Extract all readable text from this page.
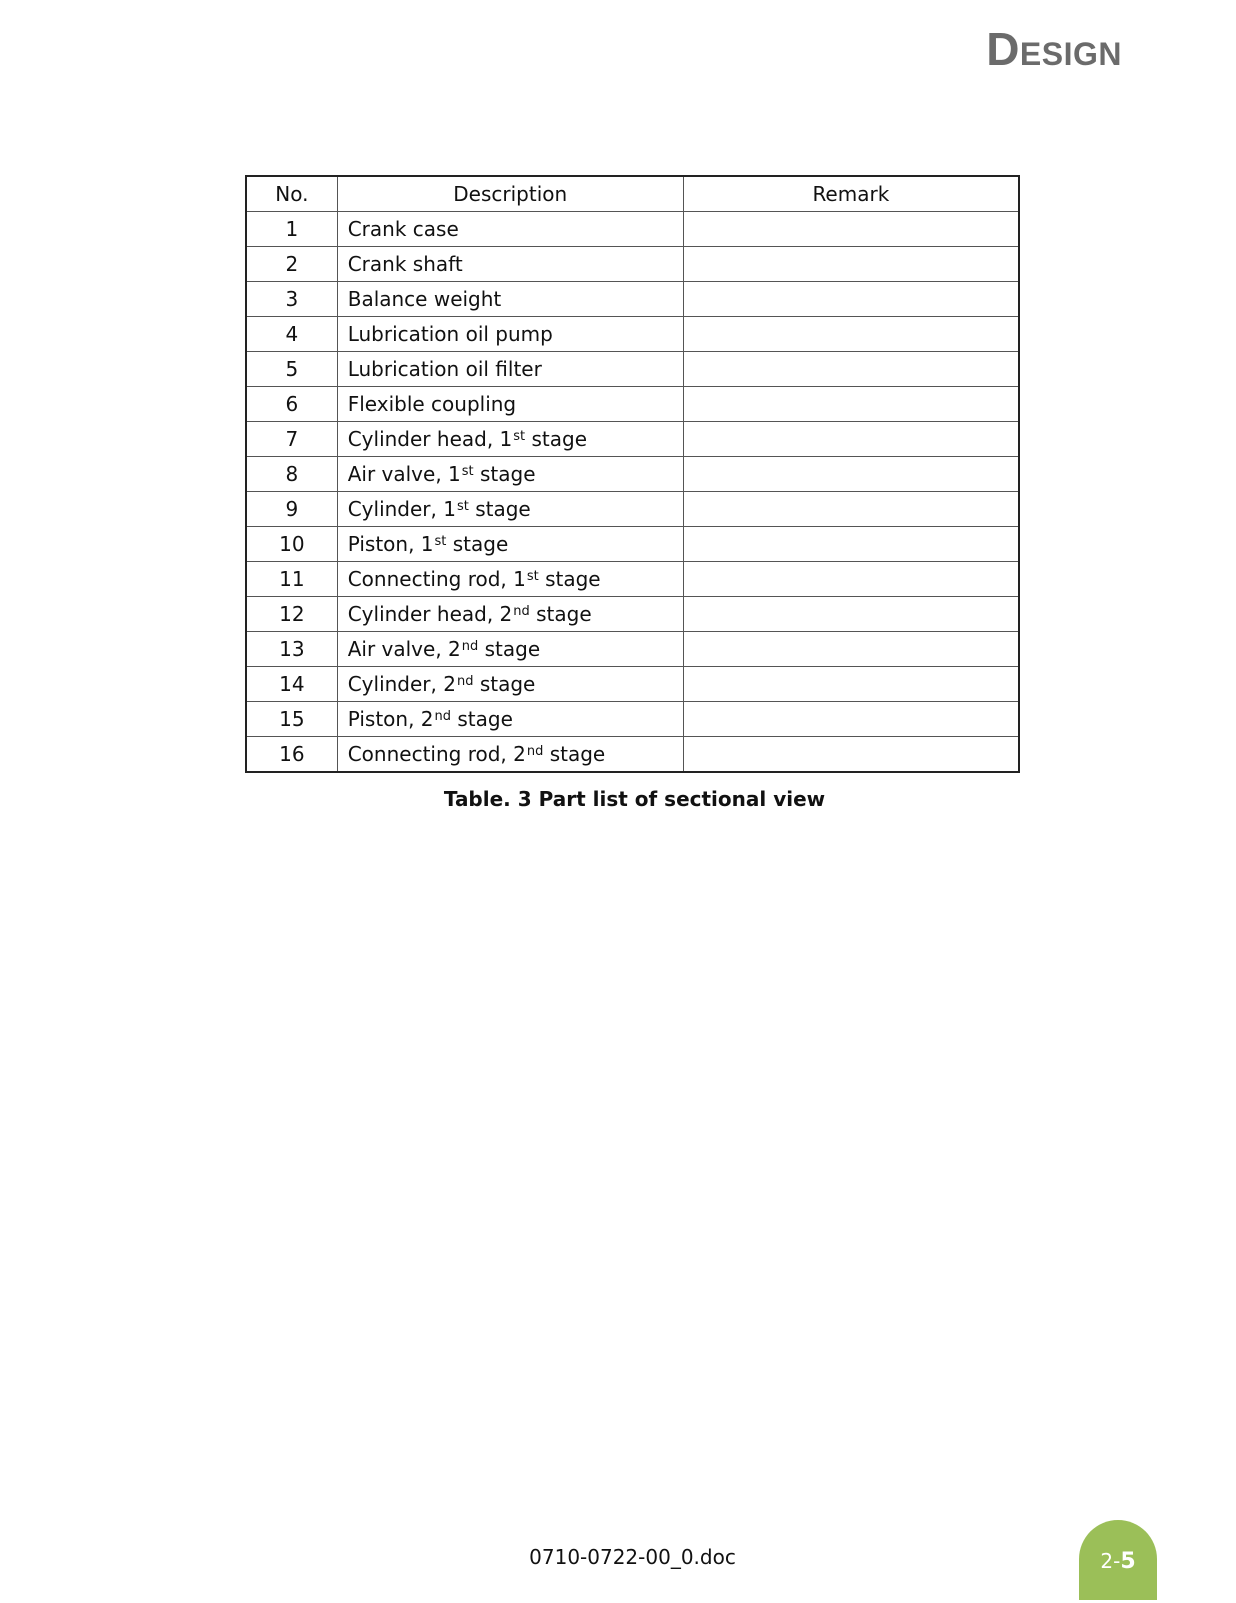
Design
No.	Description	Remark
1	Crank case	
2	Crank shaft	
3	Balance weight	
4	Lubrication oil pump	
5	Lubrication oil filter	
6	Flexible coupling	
7	Cylinder head, 1st stage	
8	Air valve, 1st stage	
9	Cylinder, 1st stage	
10	Piston, 1st stage	
11	Connecting rod, 1st stage	
12	Cylinder head, 2nd stage	
13	Air valve, 2nd stage	
14	Cylinder, 2nd stage	
15	Piston, 2nd stage	
16	Connecting rod, 2nd stage	
Table. 3 Part list of sectional view
0710-0722-00_0.doc	2-5
